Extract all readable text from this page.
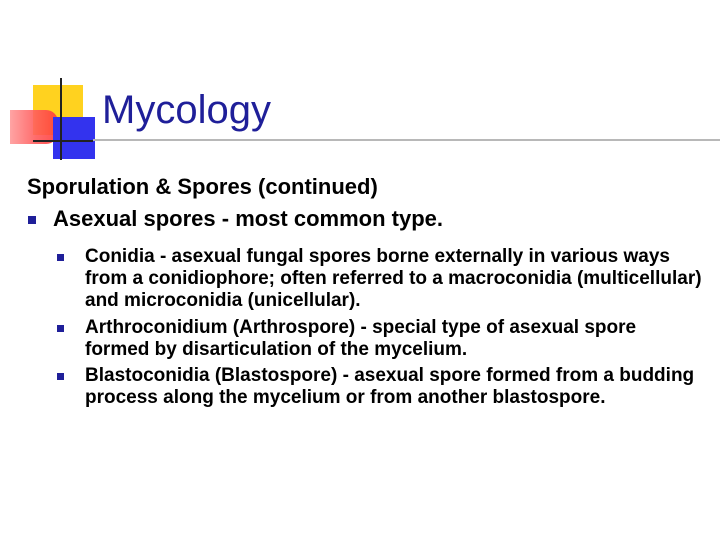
Mycology
Sporulation & Spores (continued)
Asexual spores - most common type.
Conidia - asexual fungal spores borne externally in various ways from a conidiophore; often referred to a macroconidia (multicellular) and microconidia (unicellular).
Arthroconidium (Arthrospore) - special type of asexual spore formed by disarticulation of the mycelium.
Blastoconidia (Blastospore) - asexual spore formed from a budding process along the mycelium or from another blastospore.
